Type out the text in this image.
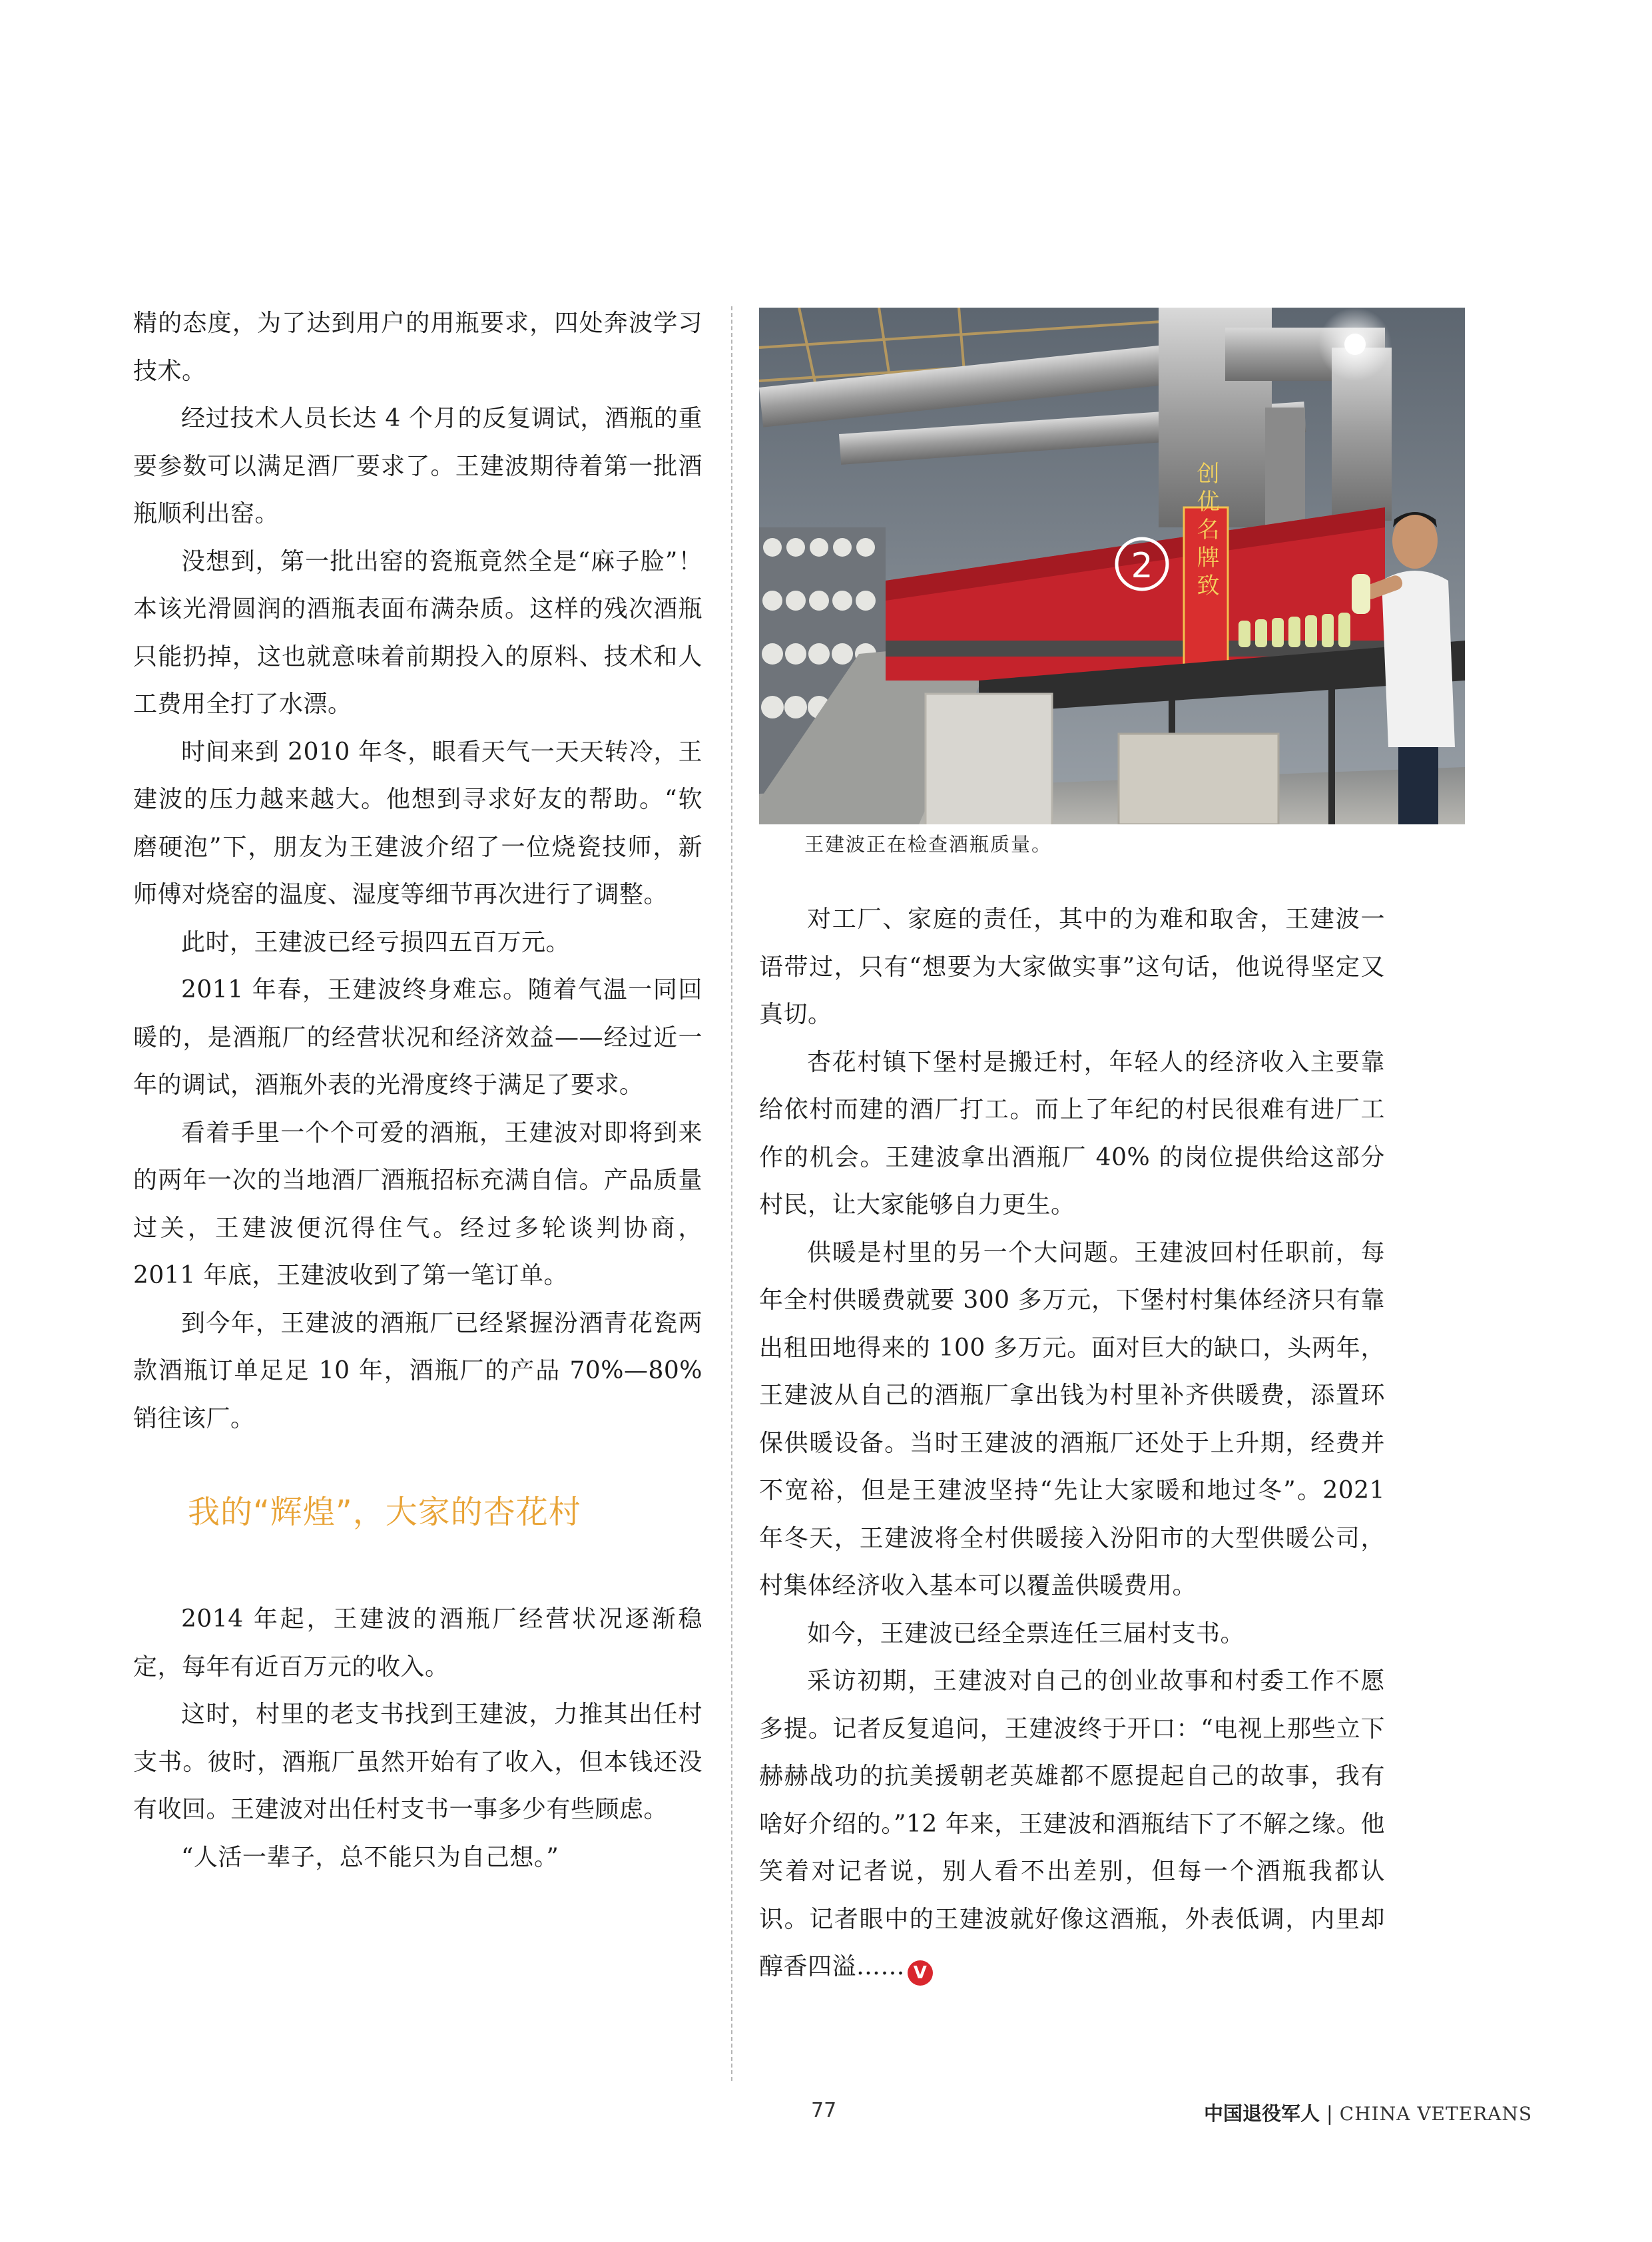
精的态度，为了达到用户的用瓶要求，四处奔波学习技术。

经过技术人员长达 4 个月的反复调试，酒瓶的重要参数可以满足酒厂要求了。王建波期待着第一批酒瓶顺利出窑。

没想到，第一批出窑的瓷瓶竟然全是“麻子脸”！本该光滑圆润的酒瓶表面布满杂质。这样的残次酒瓶只能扔掉，这也就意味着前期投入的原料、技术和人工费用全打了水漂。

时间来到 2010 年冬，眼看天气一天天转冷，王建波的压力越来越大。他想到寻求好友的帮助。“软磨硬泡”下，朋友为王建波介绍了一位烧瓷技师，新师傅对烧窑的温度、湿度等细节再次进行了调整。

此时，王建波已经亏损四五百万元。

2011 年春，王建波终身难忘。随着气温一同回暖的，是酒瓶厂的经营状况和经济效益——经过近一年的调试，酒瓶外表的光滑度终于满足了要求。

看着手里一个个可爱的酒瓶，王建波对即将到来的两年一次的当地酒厂酒瓶招标充满自信。产品质量过关，王建波便沉得住气。经过多轮谈判协商，2011 年底，王建波收到了第一笔订单。

到今年，王建波的酒瓶厂已经紧握汾酒青花瓷两款酒瓶订单足足 10 年，酒瓶厂的产品 70%—80% 销往该厂。

我的“辉煌”，大家的杏花村

2014 年起，王建波的酒瓶厂经营状况逐渐稳定，每年有近百万元的收入。

这时，村里的老支书找到王建波，力推其出任村支书。彼时，酒瓶厂虽然开始有了收入，但本钱还没有收回。王建波对出任村支书一事多少有些顾虑。

“人活一辈子，总不能只为自己想。”

2 创优名牌致
王建波正在检查酒瓶质量。

对工厂、家庭的责任，其中的为难和取舍，王建波一语带过，只有“想要为大家做实事”这句话，他说得坚定又真切。

杏花村镇下堡村是搬迁村，年轻人的经济收入主要靠给依村而建的酒厂打工。而上了年纪的村民很难有进厂工作的机会。王建波拿出酒瓶厂 40% 的岗位提供给这部分村民，让大家能够自力更生。

供暖是村里的另一个大问题。王建波回村任职前，每年全村供暖费就要 300 多万元，下堡村村集体经济只有靠出租田地得来的 100 多万元。面对巨大的缺口，头两年，王建波从自己的酒瓶厂拿出钱为村里补齐供暖费，添置环保供暖设备。当时王建波的酒瓶厂还处于上升期，经费并不宽裕，但是王建波坚持“先让大家暖和地过冬”。2021 年冬天，王建波将全村供暖接入汾阳市的大型供暖公司，村集体经济收入基本可以覆盖供暖费用。

如今，王建波已经全票连任三届村支书。

采访初期，王建波对自己的创业故事和村委工作不愿多提。记者反复追问，王建波终于开口：“电视上那些立下赫赫战功的抗美援朝老英雄都不愿提起自己的故事，我有啥好介绍的。”12 年来，王建波和酒瓶结下了不解之缘。他笑着对记者说，别人看不出差别，但每一个酒瓶我都认识。记者眼中的王建波就好像这酒瓶，外表低调，内里却醇香四溢…… V

77	中国退役军人 | CHINA VETERANS
